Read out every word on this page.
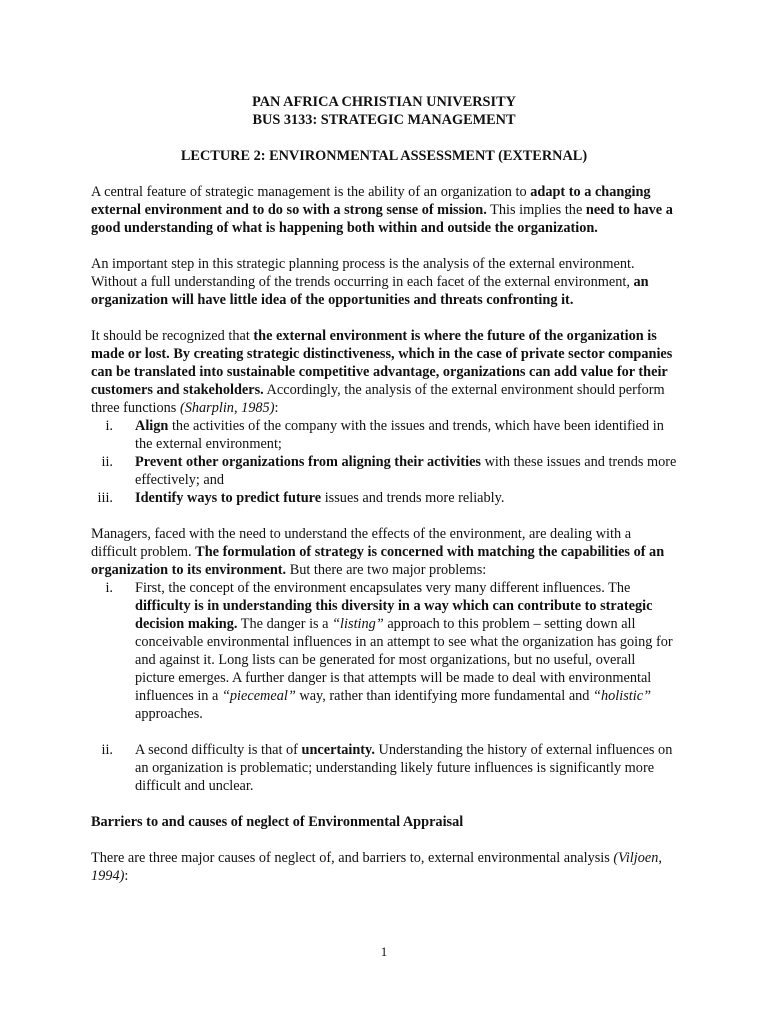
PAN AFRICA CHRISTIAN UNIVERSITY
BUS 3133: STRATEGIC MANAGEMENT
LECTURE 2: ENVIRONMENTAL ASSESSMENT (EXTERNAL)

A central feature of strategic management is the ability of an organization to adapt to a changing external environment and to do so with a strong sense of mission. This implies the need to have a good understanding of what is happening both within and outside the organization.

An important step in this strategic planning process is the analysis of the external environment. Without a full understanding of the trends occurring in each facet of the external environment, an organization will have little idea of the opportunities and threats confronting it.

It should be recognized that the external environment is where the future of the organization is made or lost. By creating strategic distinctiveness, which in the case of private sector companies can be translated into sustainable competitive advantage, organizations can add value for their customers and stakeholders. Accordingly, the analysis of the external environment should perform three functions (Sharplin, 1985):

i. Align the activities of the company with the issues and trends, which have been identified in the external environment;
ii. Prevent other organizations from aligning their activities with these issues and trends more effectively; and
iii. Identify ways to predict future issues and trends more reliably.

Managers, faced with the need to understand the effects of the environment, are dealing with a difficult problem. The formulation of strategy is concerned with matching the capabilities of an organization to its environment. But there are two major problems:

i. First, the concept of the environment encapsulates very many different influences. The difficulty is in understanding this diversity in a way which can contribute to strategic decision making. The danger is a “listing” approach to this problem – setting down all conceivable environmental influences in an attempt to see what the organization has going for and against it. Long lists can be generated for most organizations, but no useful, overall picture emerges. A further danger is that attempts will be made to deal with environmental influences in a “piecemeal” way, rather than identifying more fundamental and “holistic” approaches.
ii. A second difficulty is that of uncertainty. Understanding the history of external influences on an organization is problematic; understanding likely future influences is significantly more difficult and unclear.
Barriers to and causes of neglect of Environmental Appraisal

There are three major causes of neglect of, and barriers to, external environmental analysis (Viljoen, 1994):

1
